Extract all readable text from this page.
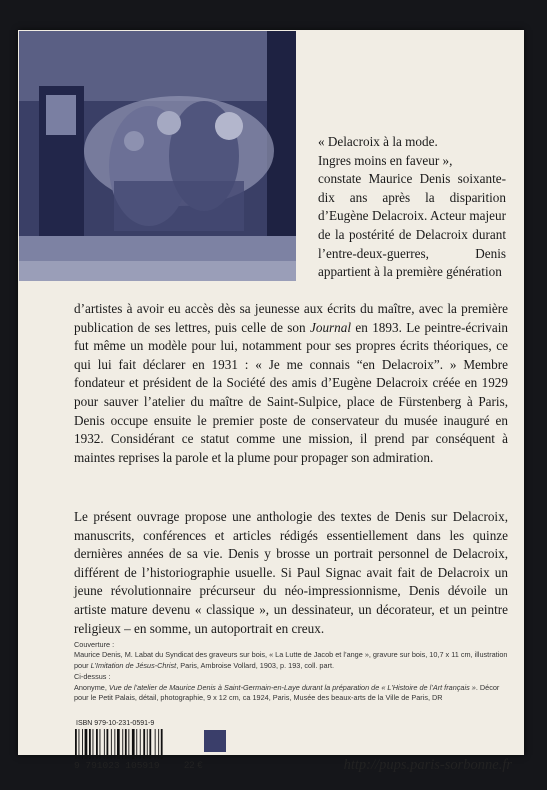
« Delacroix à la mode.
Ingres moins en faveur »,
constate Maurice Denis soixante-dix ans après la disparition d’Eugène Delacroix. Acteur majeur de la postérité de Delacroix durant l’entre-deux-guerres, Denis appartient à la première génération

d’artistes à avoir eu accès dès sa jeunesse aux écrits du maître, avec la première publication de ses lettres, puis celle de son Journal en 1893. Le peintre-écrivain fut même un modèle pour lui, notamment pour ses propres écrits théoriques, ce qui lui fait déclarer en 1931 : « Je me connais “en Delacroix”. » Membre fondateur et président de la Société des amis d’Eugène Delacroix créée en 1929 pour sauver l’atelier du maître de Saint-Sulpice, place de Fürstenberg à Paris, Denis occupe ensuite le premier poste de conservateur du musée inauguré en 1932. Considérant ce statut comme une mission, il prend par conséquent à maintes reprises la parole et la plume pour propager son admiration.

Le présent ouvrage propose une anthologie des textes de Denis sur Delacroix, manuscrits, conférences et articles rédigés essentiellement dans les quinze dernières années de sa vie. Denis y brosse un portrait personnel de Delacroix, différent de l’historiographie usuelle. Si Paul Signac avait fait de Delacroix un jeune révolutionnaire précurseur du néo-impressionnisme, Denis dévoile un artiste mature devenu « classique », un dessinateur, un décorateur, et un peintre religieux – en somme, un autoportrait en creux.

Couverture :

Maurice Denis, M. Labat du Syndicat des graveurs sur bois, « La Lutte de Jacob et l’ange », gravure sur bois, 10,7 x 11 cm, illustration pour L’Imitation de Jésus-Christ, Paris, Ambroise Vollard, 1903, p. 193, coll. part.

Ci-dessus :

Anonyme, Vue de l’atelier de Maurice Denis à Saint-Germain-en-Laye durant la préparation de « L’Histoire de l’Art français ». Décor pour le Petit Palais, détail, photographie, 9 x 12 cm, ca 1924, Paris, Musée des beaux-arts de la Ville de Paris, DR

ISBN 979-10-231-0591-9
9 791023 105919	22 €	http://pups.paris-sorbonne.fr
